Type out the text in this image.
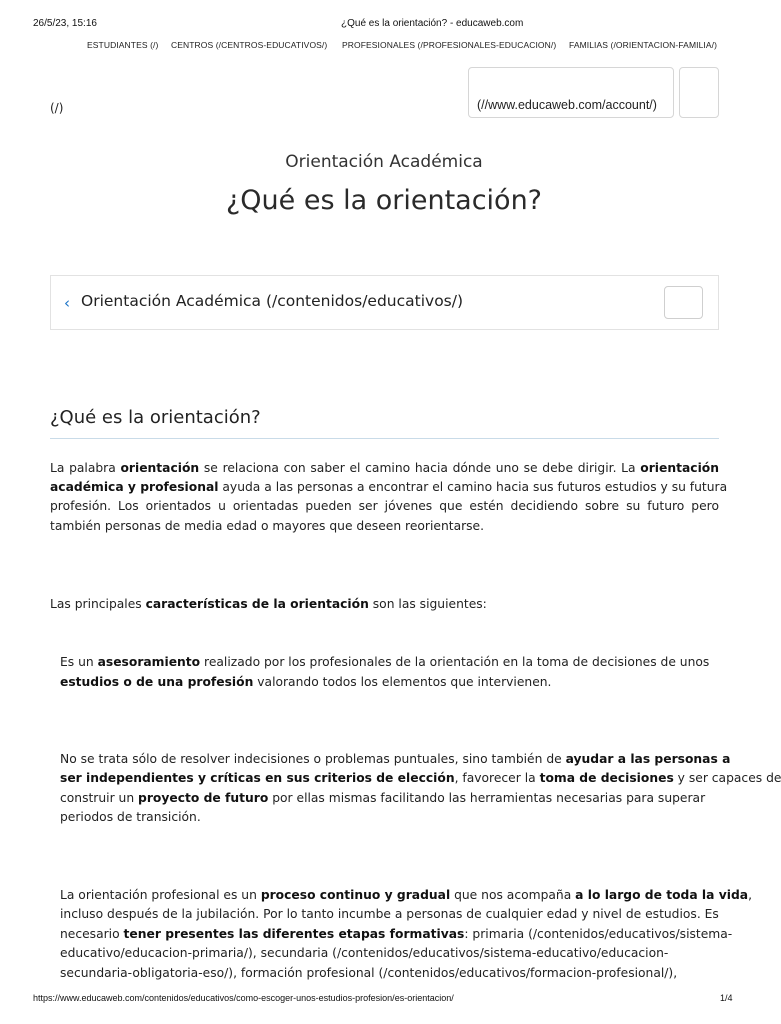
26/5/23, 15:16	¿Qué es la orientación? - educaweb.com
ESTUDIANTES (/) CENTROS (/CENTROS-EDUCATIVOS/) PROFESIONALES (/PROFESIONALES-EDUCACION/) FAMILIAS (/ORIENTACION-FAMILIA/)
(/)	(//www.educaweb.com/account/)
Orientación Académica
¿Qué es la orientación?
‹ Orientación Académica (/contenidos/educativos/)
¿Qué es la orientación?
La palabra orientación se relaciona con saber el camino hacia dónde uno se debe dirigir. La orientación
académica y profesional ayuda a las personas a encontrar el camino hacia sus futuros estudios y su futura
profesión. Los orientados u orientadas pueden ser jóvenes que estén decidiendo sobre su futuro pero
también personas de media edad o mayores que deseen reorientarse.
Las principales características de la orientación son las siguientes:
Es un asesoramiento realizado por los profesionales de la orientación en la toma de decisiones de unos
estudios o de una profesión valorando todos los elementos que intervienen.
No se trata sólo de resolver indecisiones o problemas puntuales, sino también de ayudar a las personas a
ser independientes y críticas en sus criterios de elección, favorecer la toma de decisiones y ser capaces de
construir un proyecto de futuro por ellas mismas facilitando las herramientas necesarias para superar
periodos de transición.
La orientación profesional es un proceso continuo y gradual que nos acompaña a lo largo de toda la vida,
incluso después de la jubilación. Por lo tanto incumbe a personas de cualquier edad y nivel de estudios. Es
necesario tener presentes las diferentes etapas formativas: primaria (/contenidos/educativos/sistema-
educativo/educacion-primaria/), secundaria (/contenidos/educativos/sistema-educativo/educacion-
secundaria-obligatoria-eso/), formación profesional (/contenidos/educativos/formacion-profesional/),
https://www.educaweb.com/contenidos/educativos/como-escoger-unos-estudios-profesion/es-orientacion/	1/4
